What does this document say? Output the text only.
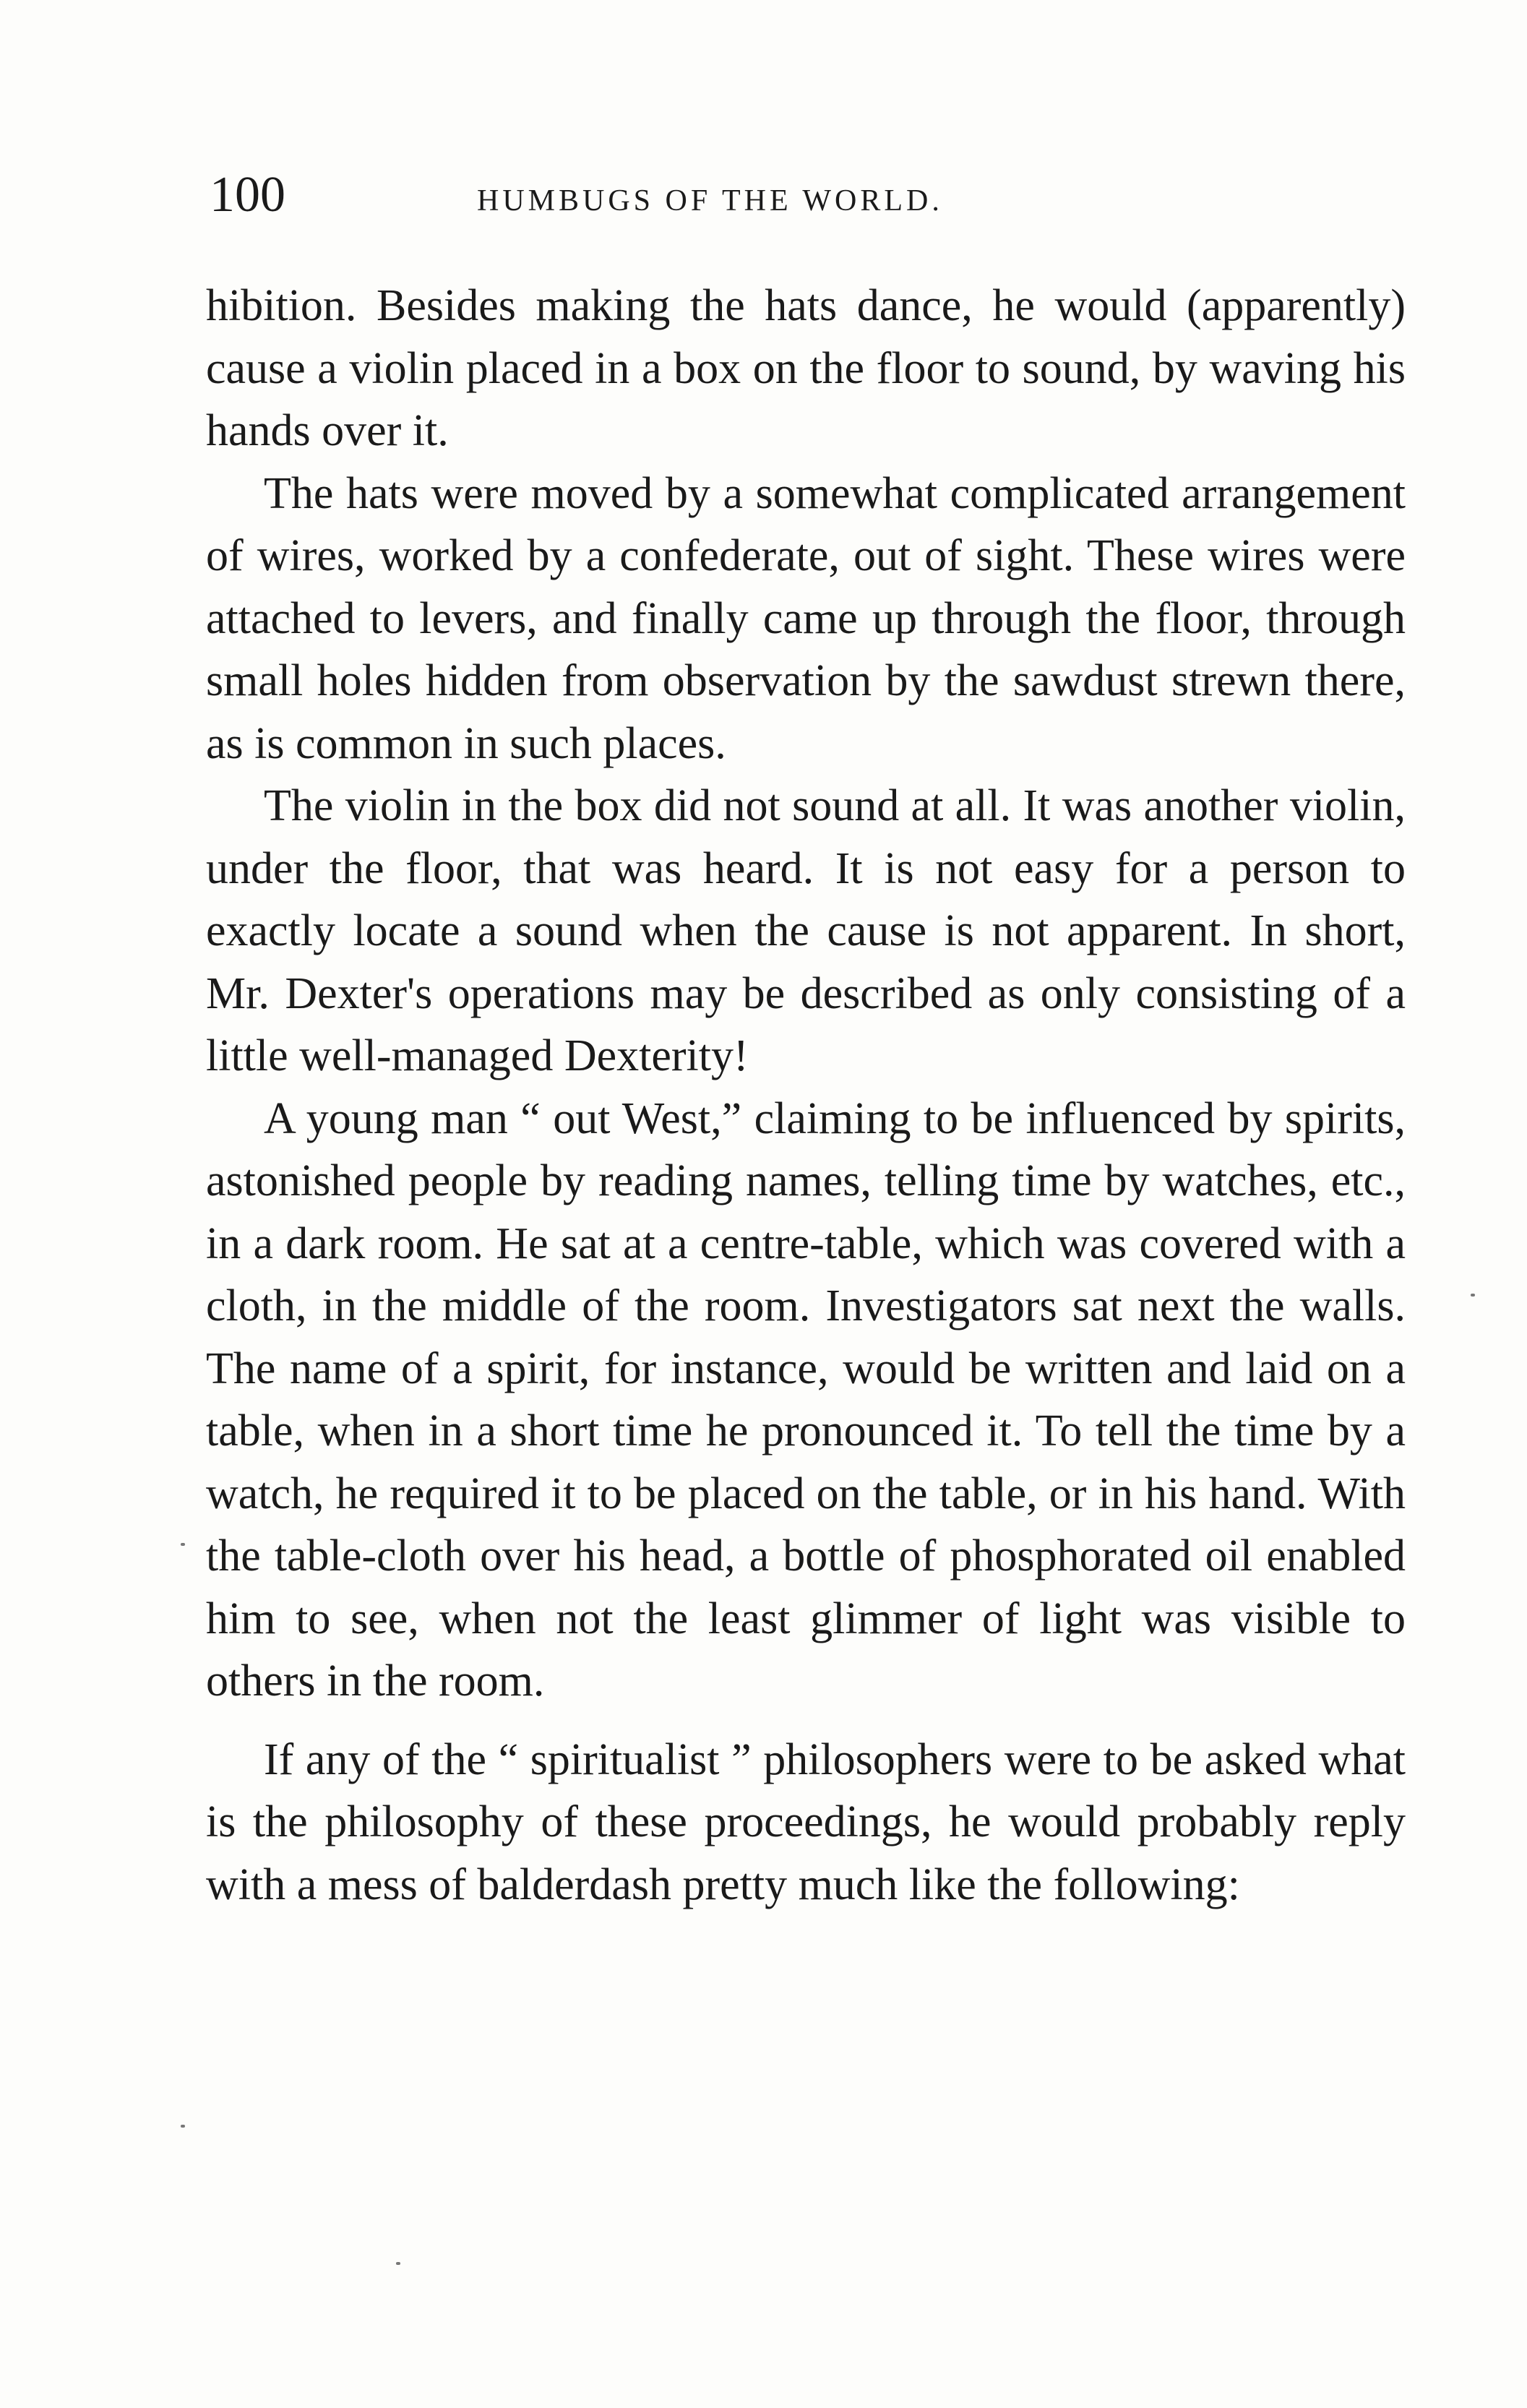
100	HUMBUGS OF THE WORLD.

hibition. Besides making the hats dance, he would (apparently) cause a violin placed in a box on the floor to sound, by waving his hands over it.

The hats were moved by a somewhat complicated arrangement of wires, worked by a confederate, out of sight. These wires were attached to levers, and finally came up through the floor, through small holes hidden from observation by the sawdust strewn there, as is common in such places.

The violin in the box did not sound at all. It was another violin, under the floor, that was heard. It is not easy for a person to exactly locate a sound when the cause is not apparent. In short, Mr. Dexter's operations may be described as only consisting of a little well-managed Dexterity!

A young man “ out West,” claiming to be influenced by spirits, astonished people by reading names, telling time by watches, etc., in a dark room. He sat at a centre-table, which was covered with a cloth, in the middle of the room. Investigators sat next the walls. The name of a spirit, for instance, would be written and laid on a table, when in a short time he pronounced it. To tell the time by a watch, he required it to be placed on the table, or in his hand. With the table-cloth over his head, a bottle of phosphorated oil enabled him to see, when not the least glimmer of light was visible to others in the room.

If any of the “ spiritualist ” philosophers were to be asked what is the philosophy of these proceedings, he would probably reply with a mess of balderdash pretty much like the following:
